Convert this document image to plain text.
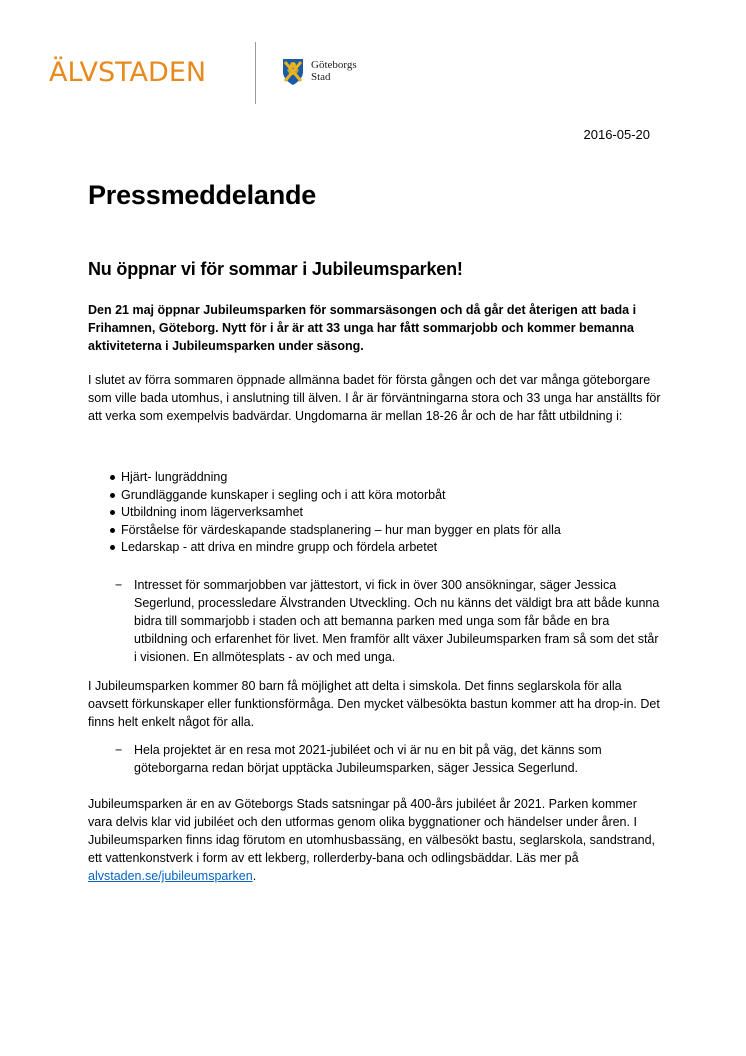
ÄLVSTADEN	Göteborgs
Stad
2016-05-20
Pressmeddelande
Nu öppnar vi för sommar i Jubileumsparken!

Den 21 maj öppnar Jubileumsparken för sommarsäsongen och då går det återigen att bada i Frihamnen, Göteborg. Nytt för i år är att 33 unga har fått sommarjobb och kommer bemanna aktiviteterna i Jubileumsparken under säsong.

I slutet av förra sommaren öppnade allmänna badet för första gången och det var många göteborgare som ville bada utomhus, i anslutning till älven. I år är förväntningarna stora och 33 unga har anställts för att verka som exempelvis badvärdar. Ungdomarna är mellan 18-26 år och de har fått utbildning i:

Hjärt- lungräddning
Grundläggande kunskaper i segling och i att köra motorbåt
Utbildning inom lägerverksamhet
Förståelse för värdeskapande stadsplanering – hur man bygger en plats för alla
Ledarskap - att driva en mindre grupp och fördela arbetet
− Intresset för sommarjobben var jättestort, vi fick in över 300 ansökningar, säger Jessica Segerlund, processledare Älvstranden Utveckling. Och nu känns det väldigt bra att både kunna bidra till sommarjobb i staden och att bemanna parken med unga som får både en bra utbildning och erfarenhet för livet. Men framför allt växer Jubileumsparken fram så som det står i visionen. En allmötesplats - av och med unga.

I Jubileumsparken kommer 80 barn få möjlighet att delta i simskola. Det finns seglarskola för alla oavsett förkunskaper eller funktionsförmåga. Den mycket välbesökta bastun kommer att ha drop-in. Det finns helt enkelt något för alla.

− Hela projektet är en resa mot 2021-jubiléet och vi är nu en bit på väg, det känns som göteborgarna redan börjat upptäcka Jubileumsparken, säger Jessica Segerlund.

Jubileumsparken är en av Göteborgs Stads satsningar på 400-års jubiléet år 2021. Parken kommer vara delvis klar vid jubiléet och den utformas genom olika byggnationer och händelser under åren. I Jubileumsparken finns idag förutom en utomhusbassäng, en välbesökt bastu, seglarskola, sandstrand, ett vattenkonstverk i form av ett lekberg, rollerderby-bana och odlingsbäddar. Läs mer på alvstaden.se/jubileumsparken.
